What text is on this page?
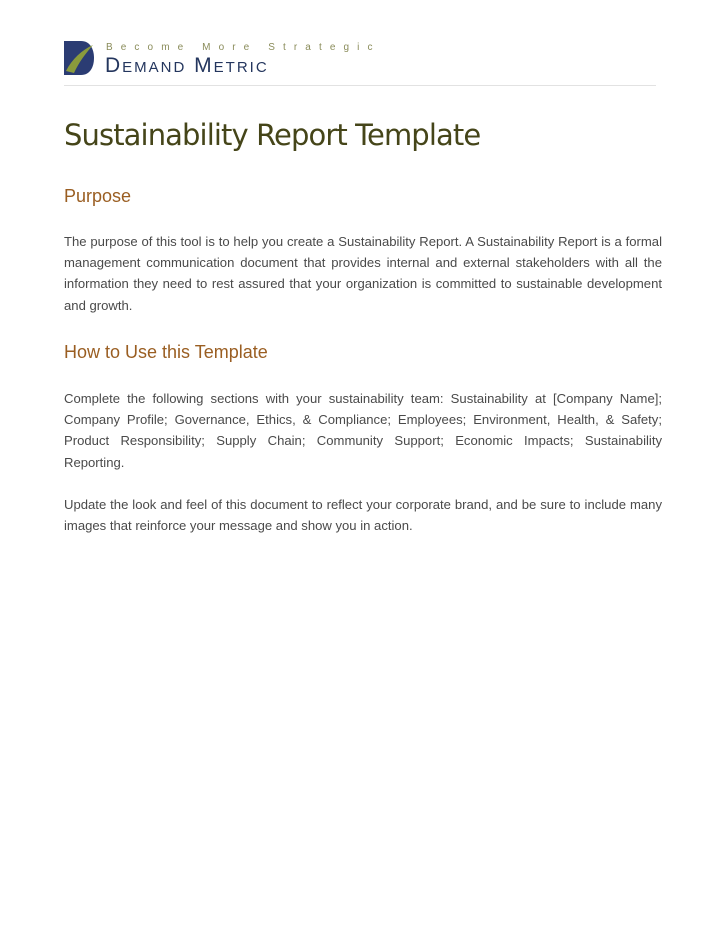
Become More Strategic
Demand Metric
Sustainability Report Template
Purpose

The purpose of this tool is to help you create a Sustainability Report. A Sustainability Report is a formal management communication document that provides internal and external stakeholders with all the information they need to rest assured that your organization is committed to sustainable development and growth.

How to Use this Template

Complete the following sections with your sustainability team: Sustainability at [Company Name]; Company Profile; Governance, Ethics, & Compliance; Employees; Environment, Health, & Safety; Product Responsibility; Supply Chain; Community Support; Economic Impacts; Sustainability Reporting.

Update the look and feel of this document to reflect your corporate brand, and be sure to include many images that reinforce your message and show you in action.
